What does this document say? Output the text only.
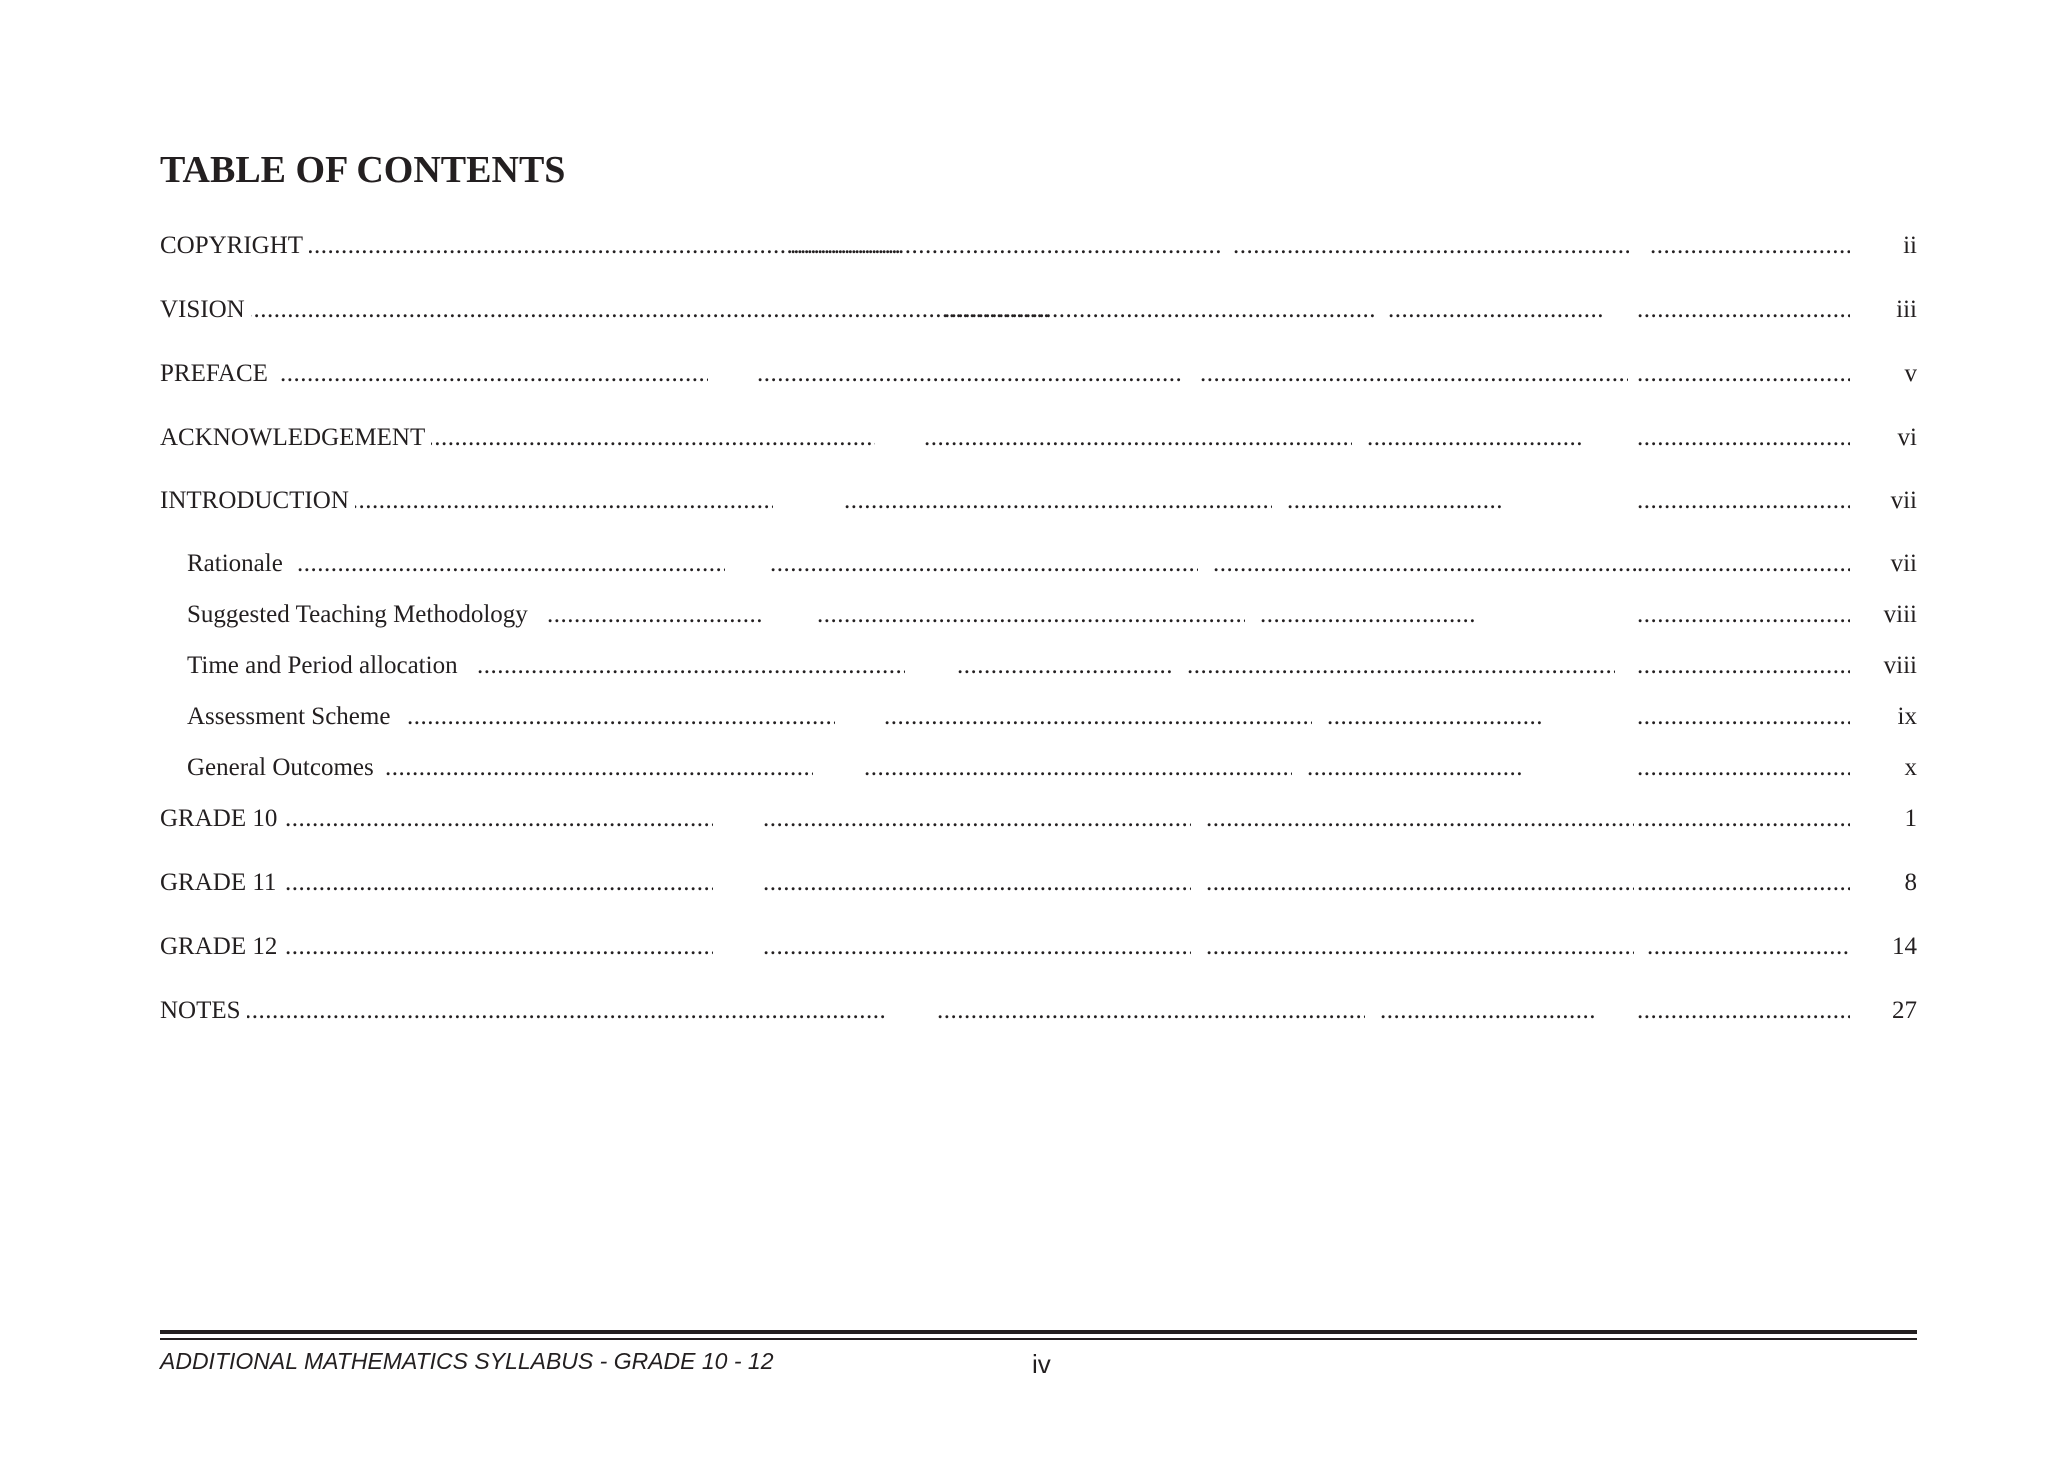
TABLE OF CONTENTS
COPYRIGHT ..... ..... ..... .....	ii
VISION ..... ..... ..... .....	iii
PREFACE ..... ..... ..... .....	v
ACKNOWLEDGEMENT ..... ..... ..... .....	vi
INTRODUCTION ..... ..... ..... .....	vii
Rationale ..... ..... ..... .....	vii
Suggested Teaching Methodology ..... ..... ..... .....	viii
Time and Period allocation ..... ..... ..... .....	viii
Assessment Scheme ..... ..... ..... .....	ix
General Outcomes ..... ..... ..... .....	x
GRADE 10 ..... ..... ..... .....	1
GRADE 11 ..... ..... ..... .....	8
GRADE 12 ..... ..... ..... .....	14
NOTES ..... ..... ..... .....	27
ADDITIONAL MATHEMATICS SYLLABUS - GRADE 10 - 12	iv
